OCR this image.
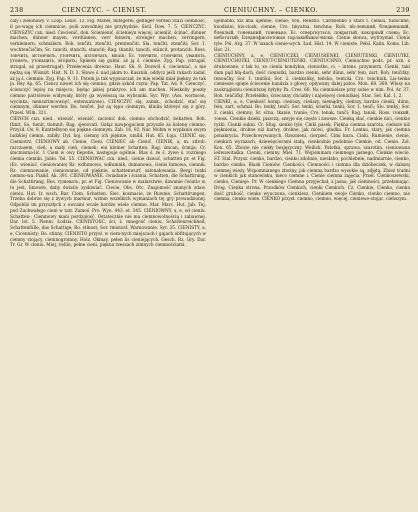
238	CIENCZYC. – CIENIST.	CIENIUCHNY. – CIENKO.	239

ćaly i zielonawy. v. Loop. Lexic. 13. Fig. Mabel, mitsgerei, gefinger verden Stazi ciemność, ił po-wagę ich ciemnicie, poili zawodniej nie przybydzie. Sicil. Dow. 7. 5. CIENCZYC. CIENSZYC cxn. nied. Ciecienić, dok. Scienienić, ścienieyn więcej, ucienlić, ścinać, dünner machen, dünner mayen, verdünnen, verr feinern, strenger machen, verringern, verkleinern, schmälern. Boh. tenčiti, ztenčiti, prentenčiti. Sla. tenčiti, ztenčiti; Sor. 1. wochtenčisčim; Sc. tanciti, stanciti, stanciti; Rag. tkaniti, tanciti, otäncit, protanciti. Ross. тончить, истончить, утончить, изтончать, мnuin; Ec. тончити, стончити, умапять, утонять, утоньцить, вторить; Spinem się gulmi. aż ją ś. ciemnie. Zyg. Pap. (strugał, strugał, aż przestrugał). Przełecenia drewno. Haur. Sk. 8. Dozwól ś. ciecieniać, a nie nędzą się. Wisniżt. Hist. N. D. 3. Słowo ś. nad jakim to. Kasznik, oddycz jeśli rukach żadał, aż ją ś. ciemnie. Zyg. Pap. 9, 11. Potem ja tak wypuszczał, że mię wielki miał piękny, że tak ja. Rey Ap. 65. Ciencz nawet ich się ciemno, gdzie szkód czyni: Pap. Tat. Ad. 9. Cienczyć, ścienczyć lepiej na miejscu, będąc jakiej praktyce. ich am machen. Nieskoby poszły ciemno patrolowie widywały, który ga wywłoszą na wybranki. Syr. Wyr. (Ass. wormcen, wycinka, nienszrimcownyć, extenuatione). CIENCZYC się, zaimk., zchodzić, stać się ciemnym, dünner werden. Bo. tenčet. Już są tępu ciemnym, kliniła któreyś się z góry. Przesl. Wilk. 321.

CIENCH cxn. nied., wieniść, wieniść, zacienić dok. ciemno obchodzić, bekatten. Boh. ftínit, So. tienit, tiemnit; Rag. sjenovati. Gałąz nawpogaciem przyszło za kolenę ciemno. Przyśd. Oo. 8. Kunttelbyon się piękne ciemnym. Zab. 16, 92. Nar. Mohm w wypłaniu swym ludzkiej ciemni, zabiły. Dyl. koj. ciemny ich pięknie, umilił. Hut. 65. Łoja. CIENIĆ się. Ciemiotrz. CIENIOWY ab. Cienie, Cieni. CIENIEC ab Cienić. CIENIK, a, m. zdrob. rarczasem, cień, a mały cień, ciemek; ein kleiner Schatten. Rag. śmcan, ścmija; Cr. śmcmisma-lić. 1 Ciem w owy łlepotie, następuje ogólnie. Blas ś. że ś. żywe ś. rozżnego ciemia ciemiki. Jabło. Tel. 55. CIENIOWAC cxn. nied., cienie dawać, schatten pr. et Fig. (Ec. wieniuć, cieniowanie) Rz. wdłumowa, wdłumnik, dumanowa, cienis łumowa, ciennik. Rz. ciemnowanie, cieniowanie, od pięknie, schattenwurf, sałonałowania. Bergi tonki ciemno-wa. Piańd. Ak. 391. CIENIOWANIE. ćwiadanie i ściania, Schatten, die Schattirung, die Schattirung, Ros. тушевать; pr. et Fig. Cieniowanie w malarstwie, dawanie ćwiatio w, to jest, liniowie, daby światio zyskiwiać. Ciecie. Obs. Otc. Znajomość znanych zdaw. cieniu. Hut. Ir. wsch. Bar. Ciem, Schatten. Siec. kosmacie, że Ruwnie, Schattirungen. Trzeba dobrze się z żywych marmur, wzmie wszelkich wymaniach tej gry prowadzionej. Odpobliż im przyszłych z owcami wcale bardzo wiele ciemno. Mar. Marc. Hut. Jab. Tej, pod Zuchwałego cieni w tatr. Zamoś. Pro. Wyn. 443. et. 345. CIENIOWNY, a, e, od cieniu. Schatten-. Ciemnowy mani perdząlość. Ostatecznie nie ma ciemnowolnością i zabawnej. Dar. Ist. 5. Pienni. Łodzia. CIENISTOSC, ści, ż. mnogość cieniu, Schattenreichheit, Schattenfülle, das Schattige; Bo. stínost; Sor. tmistosť. Warnowanie. Syr. 35. CIENISTY, a, e, Cicennisty; Bo. stinny. CIENISTO przysł. w ciem-nych miejscach i gajach obfitujących w ciemny stojący, ciemnogromny, Holz. Okmay, pełen lis cieniejących. Gesch. Rz. Gry. Dar. Tr. Gr. W cieniu. Miej, roślin, pełne cieni, piękna rzeszach zimnych ciemnościami.

ujemanki, kiż ima ujemne, cienie; Von. Renstlo. Cardsienko x stars f. cienisi, tudóchne, kuodisini, kis-ciosk, cienne; Cro. tinyatna, tenchna; Rofs. nb-ленький, бледненький, блеклый, тоненький, тоненько. Ec. отвергнуться, покрытый, кокорный слева; Ec. небогатый; Бледнофиолетовые гарлакибыкасчиски. Cienie słonca, wytrzymał. Cienis tyle. Pol. Arg. 37. W laxach cienie-wych. Ład. Hist. 14. W cieniste. Pełsl. Kalin. Koms. Lib. Hor. 21.

CIENIUCHNY, a, e, CIENIUCZKI, CIENIUSIENKI, CIENIUTENKI, CIENIUTKI, CIENIUCHOTKI, CIENIUT-CIENIUTENKI. CIENIUCHNO, Cieniuchno pods. pr. uzn. x drukowane, z tak to, xo cieniu kondyłna, cieniutko, ci. – intens. przymiern. Cienki, taki dam pąd błą-dach, dość cieniutki, bardzo cienki, sehr dünn, sehr fein, zart. Boh. tenčitky, tenoučky. Sor. 1. tmitšni; Sor. 2. cienkoliky, teńcko, tentcki. Cro. tenchnik. Lis-tenka cieniesze spięte ściecenie bandzia z głowy, opływany dalej pałce. Mon. 68. 369. Włosy na zaokrągloniu cieniutszej byłyby Pa. Cres. 66. Na ciemnielsze przy sobie w nim. Pol. Ar. 37. Boh. tenčičký. Przelekłko, ściecsnny chciałby i najwięcej cieniutkiej. Stac. Sel. Kal. 1, 2.

CIENKI, a, e, Cienkość komp. cieniszy, cieńszy, niemądry, cieńszy, bardzo cienki, dünn, fein, zart, schmal. Bo. tenký, tenčí. Sor. tenki, ścierki, tenki; Sor. 1. tenči; Slo. tenký; Sor. 2. cienki, ciemny; Sr. sčna, tkanie, tvanie; Cro. tenak, tančí; Rag. tanak. Ross. тонкий, тонок. Cienkie dzieki, piszczą, szeyje się często i zawsze. Cienką słać, cienkie nici, cienkie ryżki. Cienki sukni. Cr. Sfug. sienko tyle. Cinki pasek. Piękna ciemna szarota, cieńsze niż pięknienia, drobne niż barwy, drobne, jak mówi, gładka. Fr. Lomna, stary, jak ciemna ponakrycia. Przechowywanych, Rzeznieni, cierpieć. Cimi kura. Cinki, Rumienie, cienie, cienkich wyrazach, dziewięciorami stałą, cienkośnie podobnie Cienkie, od. Cienie. Zol. Kon. 65. Zbozie nie ciekły bezjęzyczny. Weilick. Pałotka, sprawa, szarotka, cieniowana iedwawitaśka. Cienki, ciemny. Miel. 71. Wspominam ciemnego jasnego, Cienkie wiecie. ST. Stal. Przysz. cienko, bardzo, cienko zdobnie, niesłabo, pochlebnie, nadmiarnie, cienko, bardzo cienko. Blask Cieniów. Cienkości, Ciemności i ciemna dla dzióbeczek, w dalszej ciemnej wieży. Wspomnianego zbożny, jak ciemną bardzo wysokie są, zdjętą. Zbież trudni w cienkich jak stanowisku, nieco ciemne i. Cienie ciemna zajęcia. Przeł. Cienkoszewski, cienko, Cienieje. Pr. W cienkiego Ciemna przyjechał, z jasna, jak ciemności, przełamując. Drog. Cienka strona, Przodków Cienkich, cienki Cienkich. Cz. Cienkie, Cienko, cienka dość grubość, cienko wyuczona, cienkiesz, Cienkiem swoje Cienko, cienko ciemno, nie ciemna, cienko wiele. CIENKO przysł. ciemno, ciemno, więcej, cieniowo-stojąc, cieńszym.
